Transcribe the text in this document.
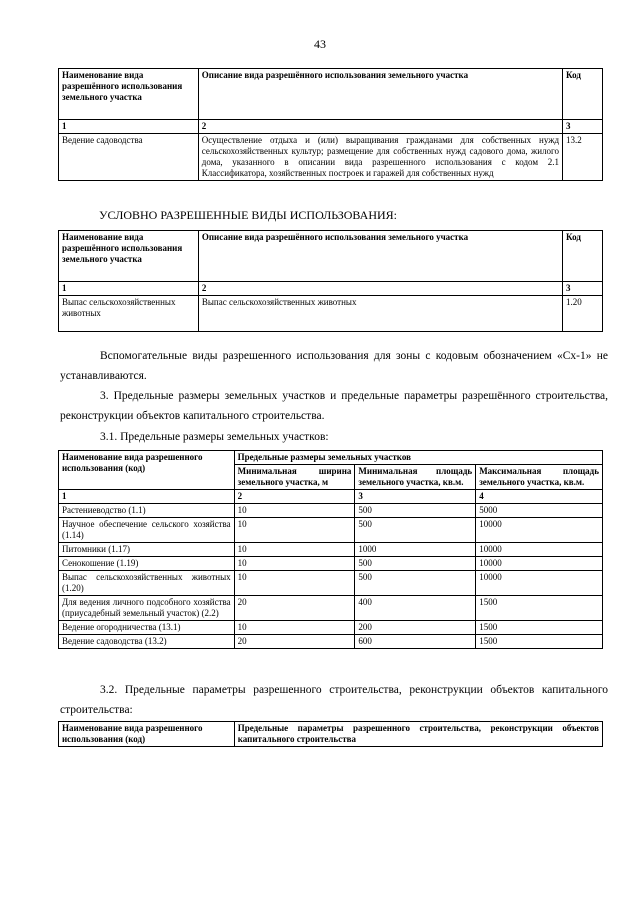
43
Наименование вида разрешённого использования земельного участка	Описание вида разрешённого использования земельного участка	Код
1	2	3
Ведение садоводства	Осуществление отдыха и (или) выращивания гражданами для собственных нужд сельскохозяйственных культур; размещение для собственных нужд садового дома, жилого дома, указанного в описании вида разрешенного использования с кодом 2.1 Классификатора, хозяйственных построек и гаражей для собственных нужд	13.2
УСЛОВНО РАЗРЕШЕННЫЕ ВИДЫ ИСПОЛЬЗОВАНИЯ:
Наименование вида разрешённого использования земельного участка	Описание вида разрешённого использования земельного участка	Код
1	2	3
Выпас сельскохозяйственных животных	Выпас сельскохозяйственных животных	1.20
Вспомогательные виды разрешенного использования для зоны с кодовым обозначением «Сх-1» не устанавливаются.
3. Предельные размеры земельных участков и предельные параметры разрешённого строительства, реконструкции объектов капитального строительства.
3.1. Предельные размеры земельных участков:
Наименование вида разрешенного использования (код)	Предельные размеры земельных участков		
	Минимальная ширина земельного участка, м	Минимальная площадь земельного участка, кв.м.	Максимальная площадь земельного участка, кв.м.
1	2	3	4
Растениеводство (1.1)	10	500	5000
Научное обеспечение сельского хозяйства (1.14)	10	500	10000
Питомники (1.17)	10	1000	10000
Сенокошение (1.19)	10	500	10000
Выпас сельскохозяйственных животных (1.20)	10	500	10000
Для ведения личного подсобного хозяйства (приусадебный земельный участок) (2.2)	20	400	1500
Ведение огородничества (13.1)	10	200	1500
Ведение садоводства (13.2)	20	600	1500
3.2. Предельные параметры разрешенного строительства, реконструкции объектов капитального строительства:
Наименование вида разрешенного использования (код)	Предельные параметры разрешенного строительства, реконструкции объектов капитального строительства
